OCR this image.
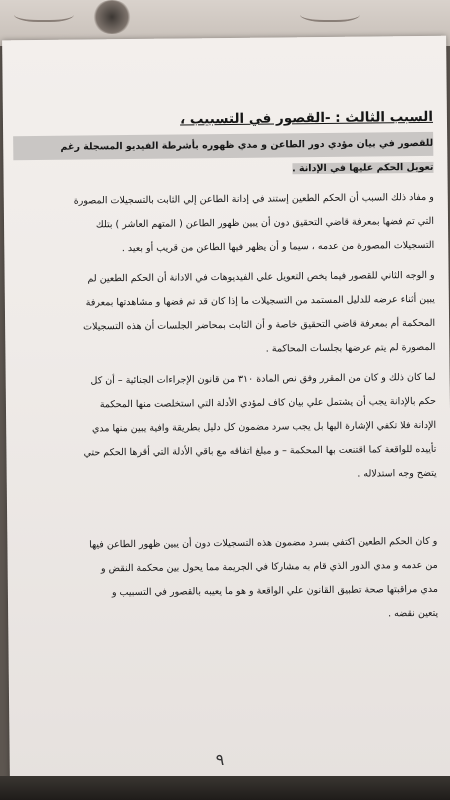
السبب الثالث : -القصور في التسبيب ،
للقصور في بيان مؤدي دور الطاعن و مدي ظهوره بأشرطة الفيديو المسجلة رغم
تعويل الحكم عليها في الإدانة .
و مفاد ذلك السبب أن الحكم الطعين إستند في إدانة الطاعن إلي الثابت بالتسجيلات المصورة
التي تم فضها بمعرفة قاضي التحقيق دون أن يبين ظهور الطاعن ( المتهم العاشر ) بتلك
التسجيلات المصورة من عدمه ، سيما و أن يظهر فيها الطاعن من قريب أو بعيد .
و الوجه الثاني للقصور فيما يخص التعويل علي الفيديوهات في الادانة أن الحكم الطعين لم
يبين أثناء عرضه للدليل المستمد من التسجيلات ما إذا كان قد تم فضها و مشاهدتها بمعرفة
المحكمة أم بمعرفة قاضي التحقيق خاصة و أن الثابت بمحاضر الجلسات أن هذه التسجيلات
المصورة لم يتم عرضها بجلسات المحاكمة .
لما كان ذلك و كان من المقرر وفق نص المادة ٣١٠ من قانون الإجراءات الجنائية – أن كل
حكم بالإدانة يجب أن يشتمل علي بيان كاف لمؤدي الأدلة التي استخلصت منها المحكمة
الإدانة فلا تكفي الإشارة اليها بل يجب سرد مضمون كل دليل بطريقة وافية يبين منها مدي
تأييده للواقعة كما اقتنعت بها المحكمة – و مبلغ اتفاقه مع باقي الأدلة التي أقرها الحكم حتي
يتضح وجه استدلاله .
و كان الحكم الطعين اكتفي بسرد مضمون هذه التسجيلات دون أن يبين ظهور الطاعن فيها
من عدمه و مدي الدور الذي قام به مشاركا في الجريمة مما يحول بين محكمة النقض و
مدي مراقبتها صحة تطبيق القانون علي الواقعة و هو ما يعيبه بالقصور في التسبيب و
يتعين نقضه .
٩
